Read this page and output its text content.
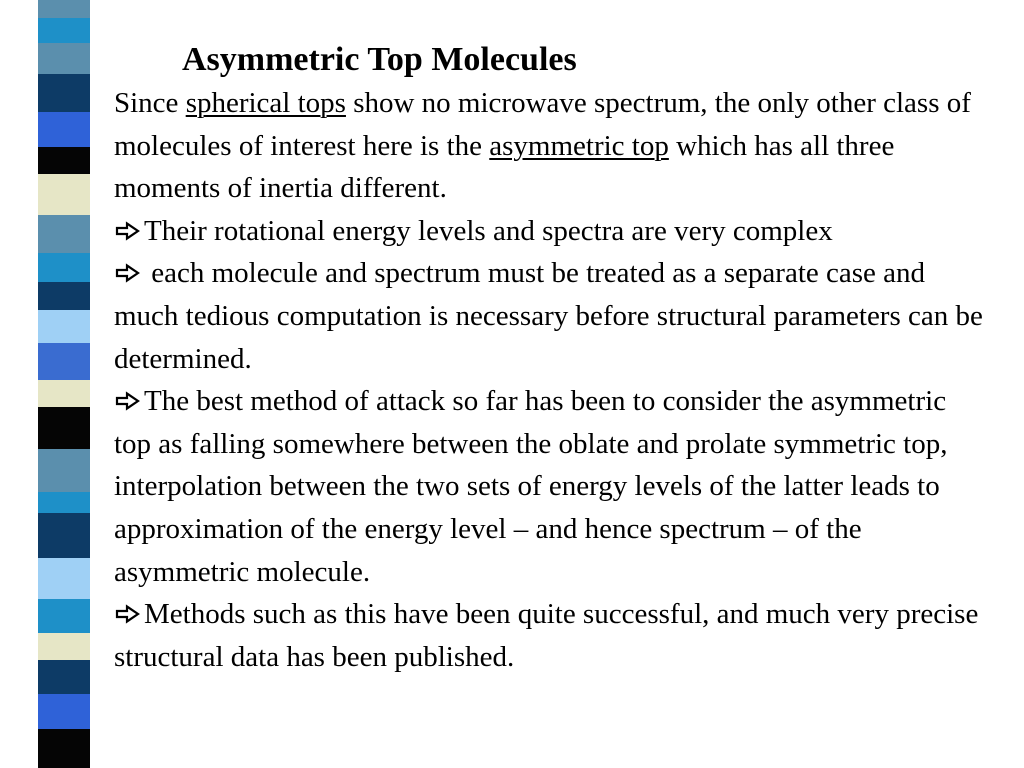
Asymmetric Top Molecules

Since spherical tops show no microwave spectrum, the only other class of molecules of interest here is the asymmetric top which has all three moments of inertia different.

Their rotational energy levels and spectra are very complex

each molecule and spectrum must be treated as a separate case and much tedious computation is necessary before structural parameters can be determined.

The best method of attack so far has been to consider the asymmetric top as falling somewhere between the oblate and prolate symmetric top, interpolation between the two sets of energy levels of the latter leads to approximation of the energy level – and hence spectrum – of the asymmetric molecule.

Methods such as this have been quite successful, and much very precise structural data has been published.
